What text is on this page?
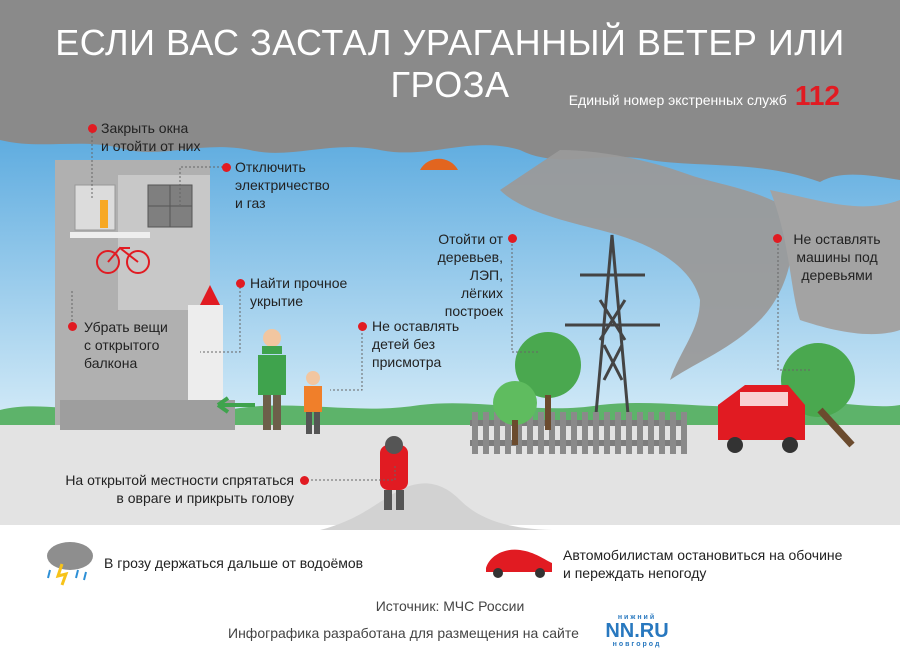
ЕСЛИ ВАС ЗАСТАЛ УРАГАННЫЙ ВЕТЕР ИЛИ ГРОЗА	Единый номер экстренных служб 112
Закрыть окна
и отойти от них
Отключить
электричество
и газ
Убрать вещи
с открытого
балкона
Найти прочное
укрытие
Не оставлять
детей без
присмотра
Отойти от
деревьев, ЛЭП,
лёгких построек
Не оставлять
машины под
деревьями
На открытой местности спрятаться
в овраге и прикрыть голову
В грозу держаться дальше от водоёмов	Автомобилистам остановиться на обочине
и переждать непогоду
Источник: МЧС России
Инфографика разработана для размещения на сайте
нижний
NN.RU
новгород
